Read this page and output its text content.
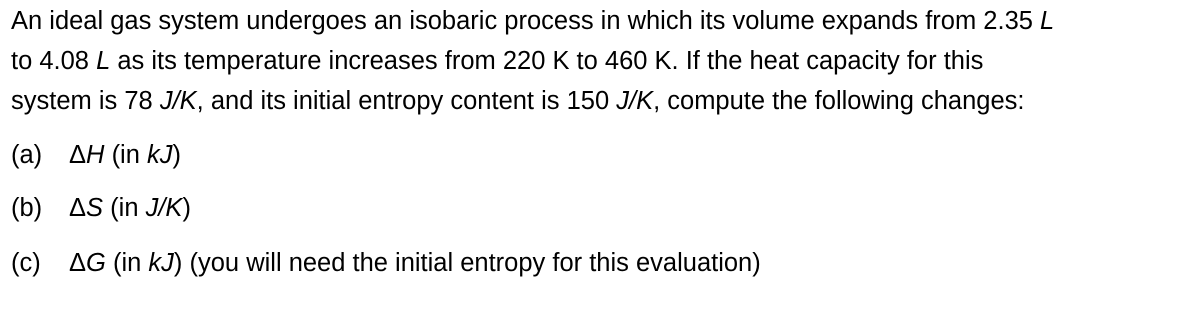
An ideal gas system undergoes an isobaric process in which its volume expands from 2.35 L
to 4.08 L as its temperature increases from 220 K to 460 K. If the heat capacity for this
system is 78 J/K, and its initial entropy content is 150 J/K, compute the following changes:
(a) ΔH (in kJ)
(b) ΔS (in J/K)
(c) ΔG (in kJ) (you will need the initial entropy for this evaluation)
